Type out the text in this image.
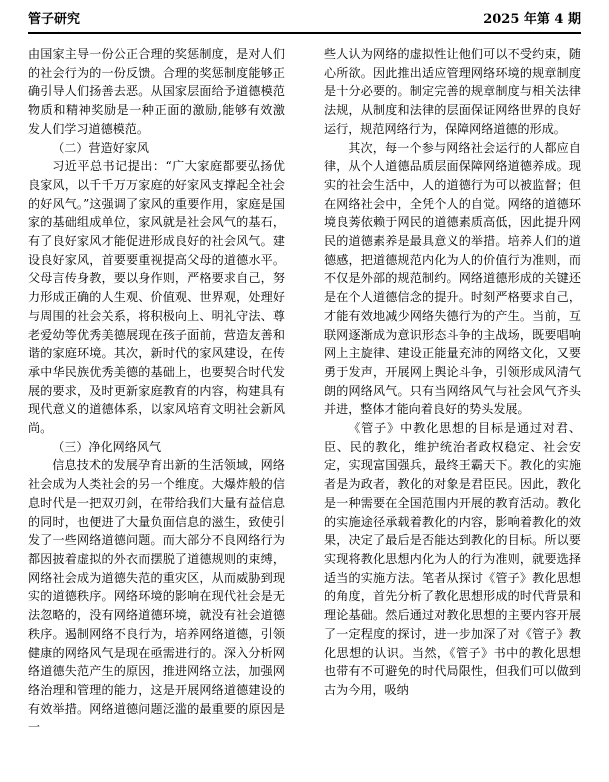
管子研究	2025 年第 4 期

由国家主导一份公正合理的奖惩制度，是对人们的社会行为的一份反馈。合理的奖惩制度能够正确引导人们扬善去恶。从国家层面给予道德模范物质和精神奖励是一种正面的激励,能够有效激发人们学习道德模范。

（二）营造好家风

习近平总书记提出：“广大家庭都要弘扬优良家风，以千千万万家庭的好家风支撑起全社会的好风气。”这强调了家风的重要作用，家庭是国家的基础组成单位，家风就是社会风气的基石，有了良好家风才能促进形成良好的社会风气。建设良好家风，首要要重视提高父母的道德水平。父母言传身教，要以身作则，严格要求自己，努力形成正确的人生观、价值观、世界观，处理好与周围的社会关系，将积极向上、明礼守法、尊老爱幼等优秀美德展现在孩子面前，营造友善和谐的家庭环境。其次，新时代的家风建设，在传承中华民族优秀美德的基础上，也要契合时代发展的要求，及时更新家庭教育的内容，构建具有现代意义的道德体系，以家风培育文明社会新风尚。

（三）净化网络风气

信息技术的发展孕育出新的生活领域，网络社会成为人类社会的另一个维度。大爆炸般的信息时代是一把双刃剑，在带给我们大量有益信息的同时，也便进了大量负面信息的滋生，致使引发了一些网络道德问题。而大部分不良网络行为都因披着虚拟的外衣而摆脱了道德规则的束缚，网络社会成为道德失范的重灾区，从而威胁到现实的道德秩序。网络环境的影响在现代社会是无法忽略的，没有网络道德环境，就没有社会道德秩序。遏制网络不良行为，培养网络道德，引领健康的网络风气是现在亟需进行的。深入分析网络道德失范产生的原因，推进网络立法，加强网络治理和管理的能力，这是开展网络道德建设的有效举措。网络道德问题泛滥的最重要的原因是一

些人认为网络的虚拟性让他们可以不受约束，随心所欲。因此推出适应管理网络环境的规章制度是十分必要的。制定完善的规章制度与相关法律法规，从制度和法律的层面保证网络世界的良好运行，规范网络行为，保障网络道德的形成。

其次，每一个参与网络社会运行的人都应自律，从个人道德品质层面保障网络道德养成。现实的社会生活中，人的道德行为可以被监督；但在网络社会中，全凭个人的自觉。网络的道德环境良莠依赖于网民的道德素质高低，因此提升网民的道德素养是最具意义的举措。培养人们的道德感，把道德规范内化为人的价值行为准则，而不仅是外部的规范制约。网络道德形成的关键还是在个人道德信念的提升。时刻严格要求自己，才能有效地减少网络失德行为的产生。当前，互联网逐渐成为意识形态斗争的主战场，既要唱响网上主旋律、建设正能量充沛的网络文化，又要勇于发声，开展网上舆论斗争，引领形成风清气朗的网络风气。只有当网络风气与社会风气齐头并进，整体才能向着良好的势头发展。

《管子》中教化思想的目标是通过对君、臣、民的教化，维护统治者政权稳定、社会安定，实现富国强兵，最终王霸天下。教化的实施者是为政者，教化的对象是君臣民。因此，教化是一种需要在全国范围内开展的教育活动。教化的实施途径承载着教化的内容，影响着教化的效果，决定了最后是否能达到教化的目标。所以要实现将教化思想内化为人的行为准则，就要选择适当的实施方法。笔者从探讨《管子》教化思想的角度，首先分析了教化思想形成的时代背景和理论基础。然后通过对教化思想的主要内容开展了一定程度的探讨，进一步加深了对《管子》教化思想的认识。当然，《管子》书中的教化思想也带有不可避免的时代局限性，但我们可以做到古为今用，吸纳
